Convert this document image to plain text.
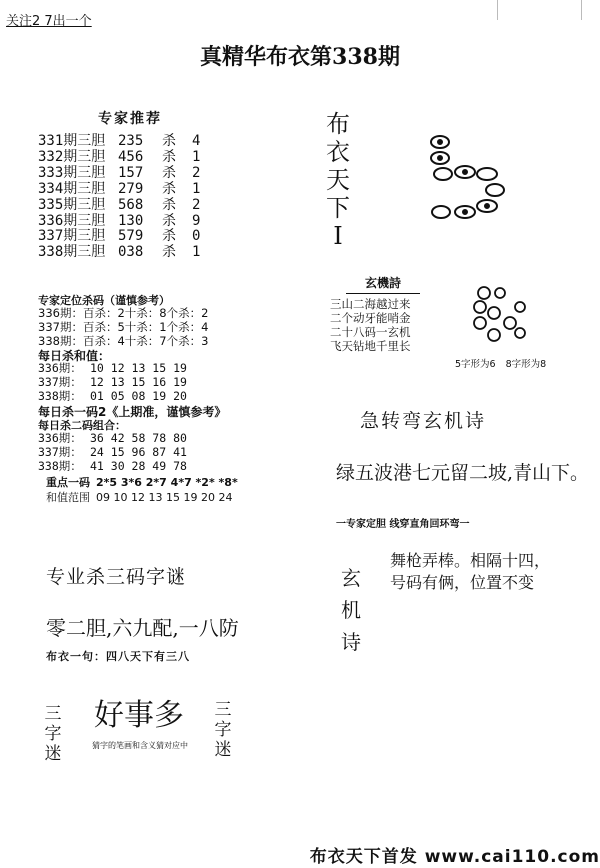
关注2 7出一个
真精华布衣第338期
专家推荐
331期三胆 235 杀 4
332期三胆 456 杀 1
333期三胆 157 杀 2
334期三胆 279 杀 1
335期三胆 568 杀 2
336期三胆 130 杀 9
337期三胆 579 杀 0
338期三胆 038 杀 1
专家定位杀码（谨慎参考）
336期：百杀：2十杀：8个杀：2
337期：百杀：5十杀：1个杀：4
338期：百杀：4十杀：7个杀：3
每日杀和值：
336期： 10 12 13 15 19
337期： 12 13 15 16 19
338期： 01 05 08 19 20
每日杀一码2《上期准，谨慎参考》
每日杀二码组合：
336期： 36 42 58 78 80
337期： 24 15 96 87 41
338期： 41 30 28 49 78
重点一码 2*5 3*6 2*7 4*7 *2* *8*
和值范围 09 10 12 13 15 19 20 24
专业杀三码字谜
零二胆,六九配,一八防
布衣一句：四八天下有三八
三字迷
好事多 三字迷
猜字的笔画和含义猜对应中
布衣天下I
玄機詩
三山二海越过来
二个动牙能哨金
二十八码一玄机
飞天钻地千里长
5字形为6 8字形为8
急转弯玄机诗
绿五波港七元留二坡,青山下。
一专家定胆 线穿直角回环弯一
玄机诗
舞枪弄棒。相隔十四，
号码有俩，位置不变
布衣天下首发 www.cai110.com
